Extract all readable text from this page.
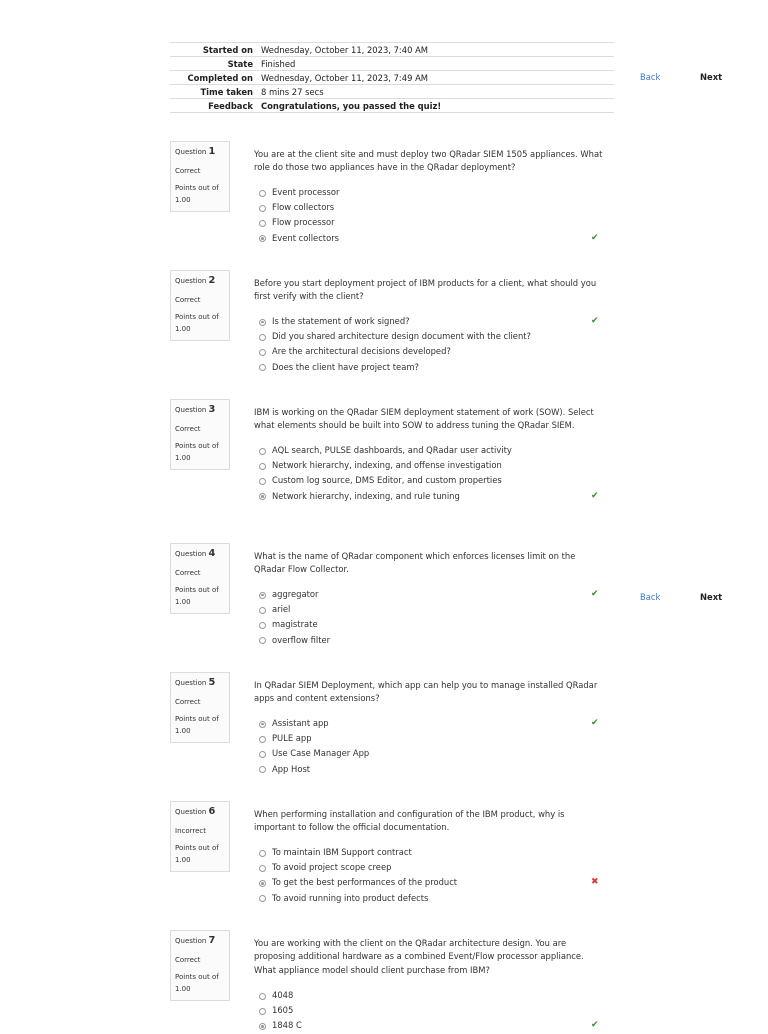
Started on	Wednesday, October 11, 2023, 7:40 AM
State	Finished
Completed on	Wednesday, October 11, 2023, 7:49 AM
Time taken	8 mins 27 secs
Feedback	Congratulations, you passed the quiz!
Back	Next
Back	Next
Question 1
Correct
Points out of 1.00
You are at the client site and must deploy two QRadar SIEM 1505 appliances. What role do those two appliances have in the QRadar deployment?
Event processor
Flow collectors
Flow processor
Event collectors	✔
Question 2
Correct
Points out of 1.00
Before you start deployment project of IBM products for a client, what should you first verify with the client?
Is the statement of work signed?	✔
Did you shared architecture design document with the client?
Are the architectural decisions developed?
Does the client have project team?
Question 3
Correct
Points out of 1.00
IBM is working on the QRadar SIEM deployment statement of work (SOW). Select what elements should be built into SOW to address tuning the QRadar SIEM.
AQL search, PULSE dashboards, and QRadar user activity
Network hierarchy, indexing, and offense investigation
Custom log source, DMS Editor, and custom properties
Network hierarchy, indexing, and rule tuning	✔
Question 4
Correct
Points out of 1.00
What is the name of QRadar component which enforces licenses limit on the QRadar Flow Collector.
aggregator	✔
ariel
magistrate
overflow filter
Question 5
Correct
Points out of 1.00
In QRadar SIEM Deployment, which app can help you to manage installed QRadar apps and content extensions?
Assistant app	✔
PULE app
Use Case Manager App
App Host
Question 6
Incorrect
Points out of 1.00
When performing installation and configuration of the IBM product, why is important to follow the official documentation.
To maintain IBM Support contract
To avoid project scope creep
To get the best performances of the product	✖
To avoid running into product defects
Question 7
Correct
Points out of 1.00
You are working with the client on the QRadar architecture design. You are proposing additional hardware as a combined Event/Flow processor appliance. What appliance model should client purchase from IBM?
4048
1605
1848 C	✔
